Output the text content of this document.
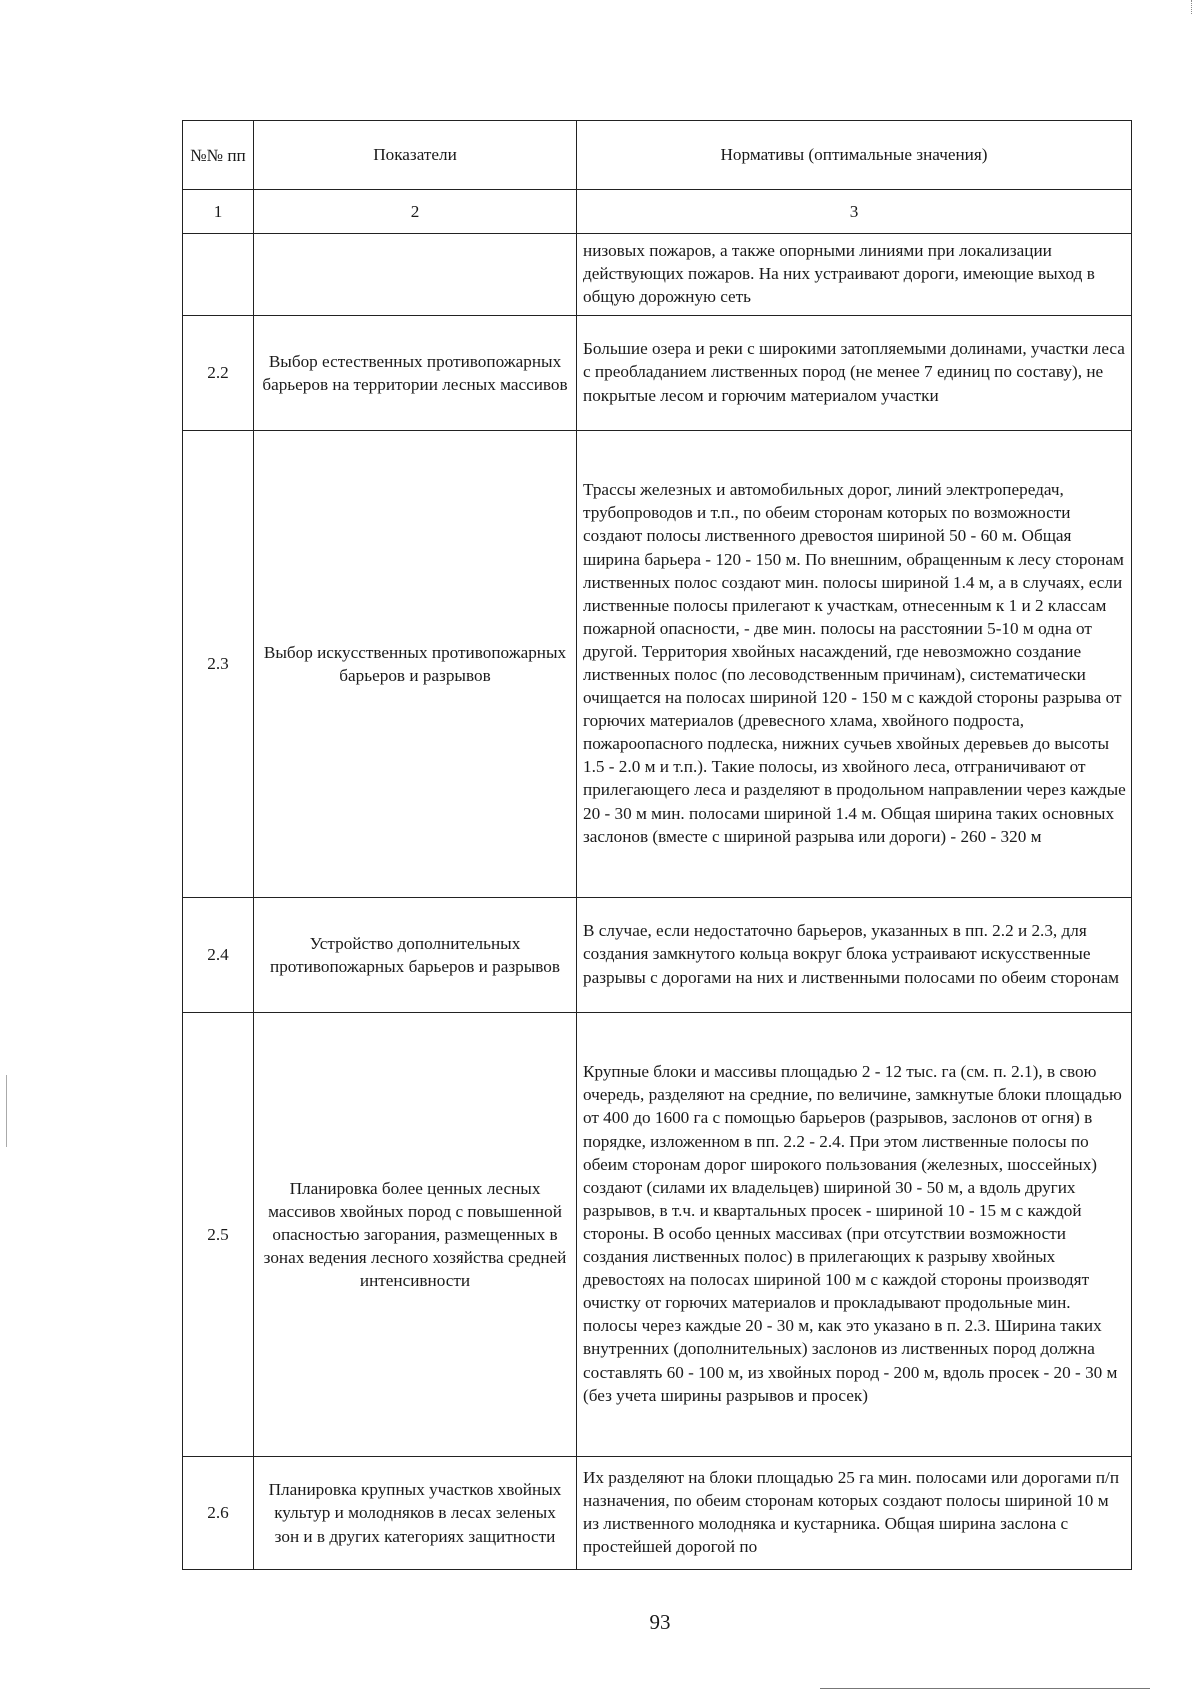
№№ пп	Показатели	Нормативы (оптимальные значения)
1	2	3
		низовых пожаров, а также опорными линиями при локализации действующих пожаров. На них устраивают дороги, имеющие выход в общую дорожную сеть
2.2	Выбор естественных противопожарных барьеров на территории лесных массивов	Большие озера и реки с широкими затопляемыми долинами, участки леса с преобладанием лиственных пород (не менее 7 единиц по составу), не покрытые лесом и горючим материалом участки
2.3	Выбор искусственных противопожарных барьеров и разрывов	Трассы железных и автомобильных дорог, линий электропередач, трубопроводов и т.п., по обеим сторонам которых по возможности создают полосы лиственного древостоя шириной 50 - 60 м. Общая ширина барьера - 120 - 150 м. По внешним, обращенным к лесу сторонам лиственных полос создают мин. полосы шириной 1.4 м, а в случаях, если лиственные полосы прилегают к участкам, отнесенным к 1 и 2 классам пожарной опасности, - две мин. полосы на расстоянии 5-10 м одна от другой. Территория хвойных насаждений, где невозможно создание лиственных полос (по лесоводственным причинам), систематически очищается на полосах шириной 120 - 150 м с каждой стороны разрыва от горючих материалов (древесного хлама, хвойного подроста, пожароопасного подлеска, нижних сучьев хвойных деревьев до высоты 1.5 - 2.0 м и т.п.). Такие полосы, из хвойного леса, отграничивают от прилегающего леса и разделяют в продольном направлении через каждые 20 - 30 м мин. полосами шириной 1.4 м. Общая ширина таких основных заслонов (вместе с шириной разрыва или дороги) - 260 - 320 м
2.4	Устройство дополнительных противопожарных барьеров и разрывов	В случае, если недостаточно барьеров, указанных в пп. 2.2 и 2.3, для создания замкнутого кольца вокруг блока устраивают искусственные разрывы с дорогами на них и лиственными полосами по обеим сторонам
2.5	Планировка более ценных лесных массивов хвойных пород с повышенной опасностью загорания, размещенных в зонах ведения лесного хозяйства средней интенсивности	Крупные блоки и массивы площадью 2 - 12 тыс. га (см. п. 2.1), в свою очередь, разделяют на средние, по величине, замкнутые блоки площадью от 400 до 1600 га с помощью барьеров (разрывов, заслонов от огня) в порядке, изложенном в пп. 2.2 - 2.4. При этом лиственные полосы по обеим сторонам дорог широкого пользования (железных, шоссейных) создают (силами их владельцев) шириной 30 - 50 м, а вдоль других разрывов, в т.ч. и квартальных просек - шириной 10 - 15 м с каждой стороны. В особо ценных массивах (при отсутствии возможности создания лиственных полос) в прилегающих к разрыву хвойных древостоях на полосах шириной 100 м с каждой стороны производят очистку от горючих материалов и прокладывают продольные мин. полосы через каждые 20 - 30 м, как это указано в п. 2.3. Ширина таких внутренних (дополнительных) заслонов из лиственных пород должна составлять 60 - 100 м, из хвойных пород - 200 м, вдоль просек - 20 - 30 м (без учета ширины разрывов и просек)
2.6	Планировка крупных участков хвойных культур и молодняков в лесах зеленых зон и в других категориях защитности	Их разделяют на блоки площадью 25 га мин. полосами или дорогами п/п назначения, по обеим сторонам которых создают полосы шириной 10 м из лиственного молодняка и кустарника. Общая ширина заслона с простейшей дорогой по
93
